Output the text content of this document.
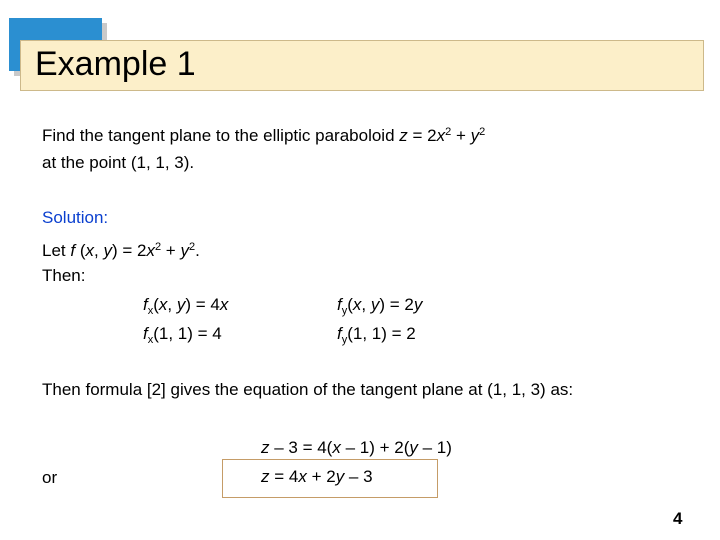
Example 1
Find the tangent plane to the elliptic paraboloid $z = 2x^2 + y^2$
at the point (1, 1, 3).
Solution:
Let f (x, $y) = 2x^2 + y^2$.
Then:
$f_x(x$, y) = 4x
$f_x(1$, 1) = 4
$f_y(x$, y) = 2y
$f_y(1$, 1) = 2
Then formula [2] gives the equation of the tangent plane at (1, 1, 3) as:
z – 3 = 4(x – 1) + 2(y – 1)
or	z = 4x + 2y – 3
4
